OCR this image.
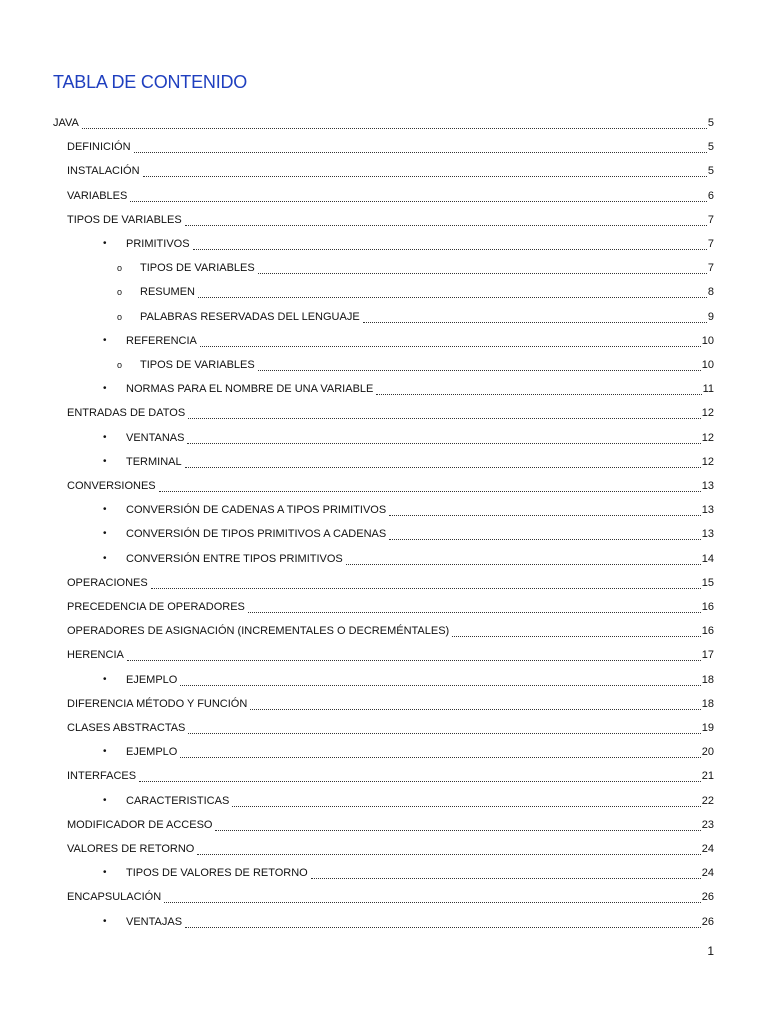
TABLA DE CONTENIDO
JAVA	5
DEFINICIÓN	5
INSTALACIÓN	5
VARIABLES	6
TIPOS DE VARIABLES	7
• PRIMITIVOS	7
o TIPOS DE VARIABLES	7
o RESUMEN	8
o PALABRAS RESERVADAS DEL LENGUAJE	9
• REFERENCIA	10
o TIPOS DE VARIABLES	10
• NORMAS PARA EL NOMBRE DE UNA VARIABLE	11
ENTRADAS DE DATOS	12
• VENTANAS	12
• TERMINAL	12
CONVERSIONES	13
• CONVERSIÓN DE CADENAS A TIPOS PRIMITIVOS	13
• CONVERSIÓN DE TIPOS PRIMITIVOS A CADENAS	13
• CONVERSIÓN ENTRE TIPOS PRIMITIVOS	14
OPERACIONES	15
PRECEDENCIA DE OPERADORES	16
OPERADORES DE ASIGNACIÓN (INCREMENTALES O DECREMÉNTALES)	16
HERENCIA	17
• EJEMPLO	18
DIFERENCIA MÉTODO Y FUNCIÓN	18
CLASES ABSTRACTAS	19
• EJEMPLO	20
INTERFACES	21
• CARACTERISTICAS	22
MODIFICADOR DE ACCESO	23
VALORES DE RETORNO	24
• TIPOS DE VALORES DE RETORNO	24
ENCAPSULACIÓN	26
• VENTAJAS	26
1
